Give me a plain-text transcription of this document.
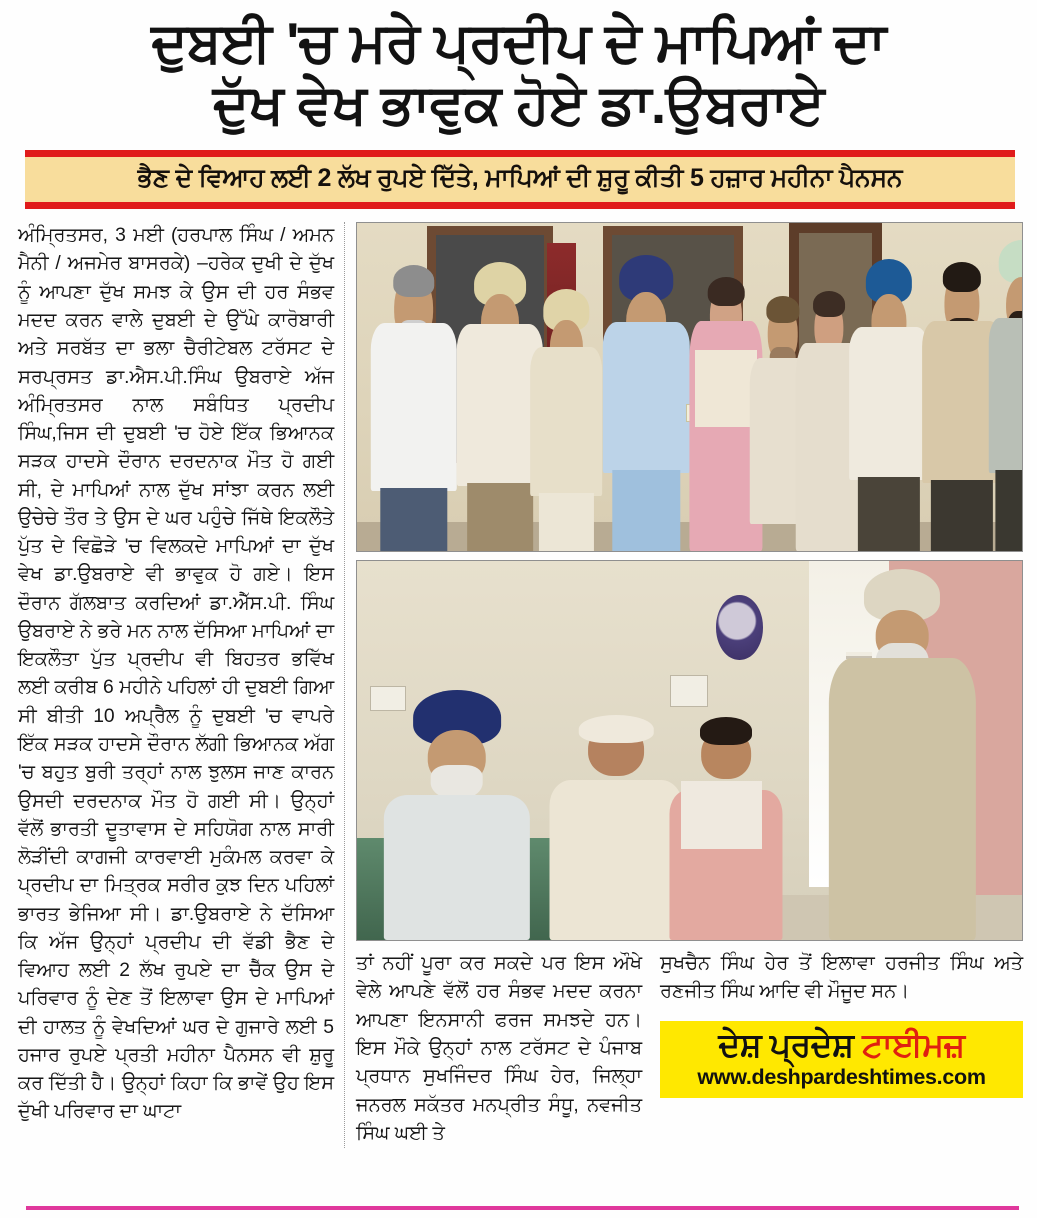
ਦੁਬਈ 'ਚ ਮਰੇ ਪ੍ਰਦੀਪ ਦੇ ਮਾਪਿਆਂ ਦਾ
ਦੁੱਖ ਵੇਖ ਭਾਵੁਕ ਹੋਏ ਡਾ.ਉਬਰਾਏ
ਭੈਣ ਦੇ ਵਿਆਹ ਲਈ 2 ਲੱਖ ਰੁਪਏ ਦਿੱਤੇ, ਮਾਪਿਆਂ ਦੀ ਸ਼ੁਰੂ ਕੀਤੀ 5 ਹਜ਼ਾਰ ਮਹੀਨਾ ਪੈਨਸਨ
ਅੰਮ੍ਰਿਤਸਰ, 3 ਮਈ (ਹਰਪਾਲ ਸਿੰਘ / ਅਮਨ ਮੈਨੀ / ਅਜਮੇਰ ਬਾਸਰਕੇ) –ਹਰੇਕ ਦੁਖੀ ਦੇ ਦੁੱਖ ਨੂੰ ਆਪਣਾ ਦੁੱਖ ਸਮਝ ਕੇ ਉਸ ਦੀ ਹਰ ਸੰਭਵ ਮਦਦ ਕਰਨ ਵਾਲੇ ਦੁਬਈ ਦੇ ਉੱਘੇ ਕਾਰੋਬਾਰੀ ਅਤੇ ਸਰਬੱਤ ਦਾ ਭਲਾ ਚੈਰੀਟੇਬਲ ਟਰੱਸਟ ਦੇ ਸਰਪ੍ਰਸਤ ਡਾ.ਐਸ.ਪੀ.ਸਿੰਘ ਉਬਰਾਏ ਅੱਜ ਅੰਮ੍ਰਿਤਸਰ ਨਾਲ ਸਬੰਧਿਤ ਪ੍ਰਦੀਪ ਸਿੰਘ,ਜਿਸ ਦੀ ਦੁਬਈ 'ਚ ਹੋਏ ਇੱਕ ਭਿਆਨਕ ਸੜਕ ਹਾਦਸੇ ਦੌਰਾਨ ਦਰਦਨਾਕ ਮੌਤ ਹੋ ਗਈ ਸੀ, ਦੇ ਮਾਪਿਆਂ ਨਾਲ ਦੁੱਖ ਸਾਂਝਾ ਕਰਨ ਲਈ ਉਚੇਚੇ ਤੌਰ ਤੇ ਉਸ ਦੇ ਘਰ ਪਹੁੰਚੇ ਜਿੱਥੇ ਇਕਲੌਤੇ ਪੁੱਤ ਦੇ ਵਿਛੋੜੇ 'ਚ ਵਿਲਕਦੇ ਮਾਪਿਆਂ ਦਾ ਦੁੱਖ ਵੇਖ ਡਾ.ਉਬਰਾਏ ਵੀ ਭਾਵੁਕ ਹੋ ਗਏ। ਇਸ ਦੌਰਾਨ ਗੱਲਬਾਤ ਕਰਦਿਆਂ ਡਾ.ਐੱਸ.ਪੀ. ਸਿੰਘ ਉਬਰਾਏ ਨੇ ਭਰੇ ਮਨ ਨਾਲ ਦੱਸਿਆ ਮਾਪਿਆਂ ਦਾ ਇਕਲੌਤਾ ਪੁੱਤ ਪ੍ਰਦੀਪ ਵੀ ਬਿਹਤਰ ਭਵਿੱਖ ਲਈ ਕਰੀਬ 6 ਮਹੀਨੇ ਪਹਿਲਾਂ ਹੀ ਦੁਬਈ ਗਿਆ ਸੀ ਬੀਤੀ 10 ਅਪ੍ਰੈਲ ਨੂੰ ਦੁਬਈ 'ਚ ਵਾਪਰੇ ਇੱਕ ਸੜਕ ਹਾਦਸੇ ਦੌਰਾਨ ਲੱਗੀ ਭਿਆਨਕ ਅੱਗ 'ਚ ਬਹੁਤ ਬੁਰੀ ਤਰ੍ਹਾਂ ਨਾਲ ਝੁਲਸ ਜਾਣ ਕਾਰਨ ਉਸਦੀ ਦਰਦਨਾਕ ਮੌਤ ਹੋ ਗਈ ਸੀ। ਉਨ੍ਹਾਂ ਵੱਲੋਂ ਭਾਰਤੀ ਦੂਤਾਵਾਸ ਦੇ ਸਹਿਯੋਗ ਨਾਲ ਸਾਰੀ ਲੋੜੀਂਦੀ ਕਾਗਜੀ ਕਾਰਵਾਈ ਮੁਕੰਮਲ ਕਰਵਾ ਕੇ ਪ੍ਰਦੀਪ ਦਾ ਮਿਤ੍ਰਕ ਸਰੀਰ ਕੁਝ ਦਿਨ ਪਹਿਲਾਂ ਭਾਰਤ ਭੇਜਿਆ ਸੀ। ਡਾ.ਉਬਰਾਏ ਨੇ ਦੱਸਿਆ ਕਿ ਅੱਜ ਉਨ੍ਹਾਂ ਪ੍ਰਦੀਪ ਦੀ ਵੱਡੀ ਭੈਣ ਦੇ ਵਿਆਹ ਲਈ 2 ਲੱਖ ਰੁਪਏ ਦਾ ਚੈੱਕ ਉਸ ਦੇ ਪਰਿਵਾਰ ਨੂੰ ਦੇਣ ਤੋਂ ਇਲਾਵਾ ਉਸ ਦੇ ਮਾਪਿਆਂ ਦੀ ਹਾਲਤ ਨੂੰ ਵੇਖਦਿਆਂ ਘਰ ਦੇ ਗੁਜਾਰੇ ਲਈ 5 ਹਜਾਰ ਰੁਪਏ ਪ੍ਰਤੀ ਮਹੀਨਾ ਪੈਨਸਨ ਵੀ ਸ਼ੁਰੂ ਕਰ ਦਿੱਤੀ ਹੈ। ਉਨ੍ਹਾਂ ਕਿਹਾ ਕਿ ਭਾਵੇਂ ਉਹ ਇਸ ਦੁੱਖੀ ਪਰਿਵਾਰ ਦਾ ਘਾਟਾ
ਤਾਂ ਨਹੀਂ ਪੂਰਾ ਕਰ ਸਕਦੇ ਪਰ ਇਸ ਔਖੇ ਵੇਲੇ ਆਪਣੇ ਵੱਲੋਂ ਹਰ ਸੰਭਵ ਮਦਦ ਕਰਨਾ ਆਪਣਾ ਇਨਸਾਨੀ ਫਰਜ ਸਮਝਦੇ ਹਨ। ਇਸ ਮੌਕੇ ਉਨ੍ਹਾਂ ਨਾਲ ਟਰੱਸਟ ਦੇ ਪੰਜਾਬ ਪ੍ਰਧਾਨ ਸੁਖਜਿੰਦਰ ਸਿੰਘ ਹੇਰ, ਜਿਲ੍ਹਾ ਜਨਰਲ ਸਕੱਤਰ ਮਨਪ੍ਰੀਤ ਸੰਧੂ, ਨਵਜੀਤ ਸਿੰਘ ਘਈ ਤੇ
ਸੁਖਚੈਨ ਸਿੰਘ ਹੇਰ ਤੋਂ ਇਲਾਵਾ ਹਰਜੀਤ ਸਿੰਘ ਅਤੇ ਰਣਜੀਤ ਸਿੰਘ ਆਦਿ ਵੀ ਮੌਜੂਦ ਸਨ।
ਦੇਸ਼ ਪ੍ਰਦੇਸ਼ ਟਾਈਮਜ਼
www.deshpardeshtimes.com
